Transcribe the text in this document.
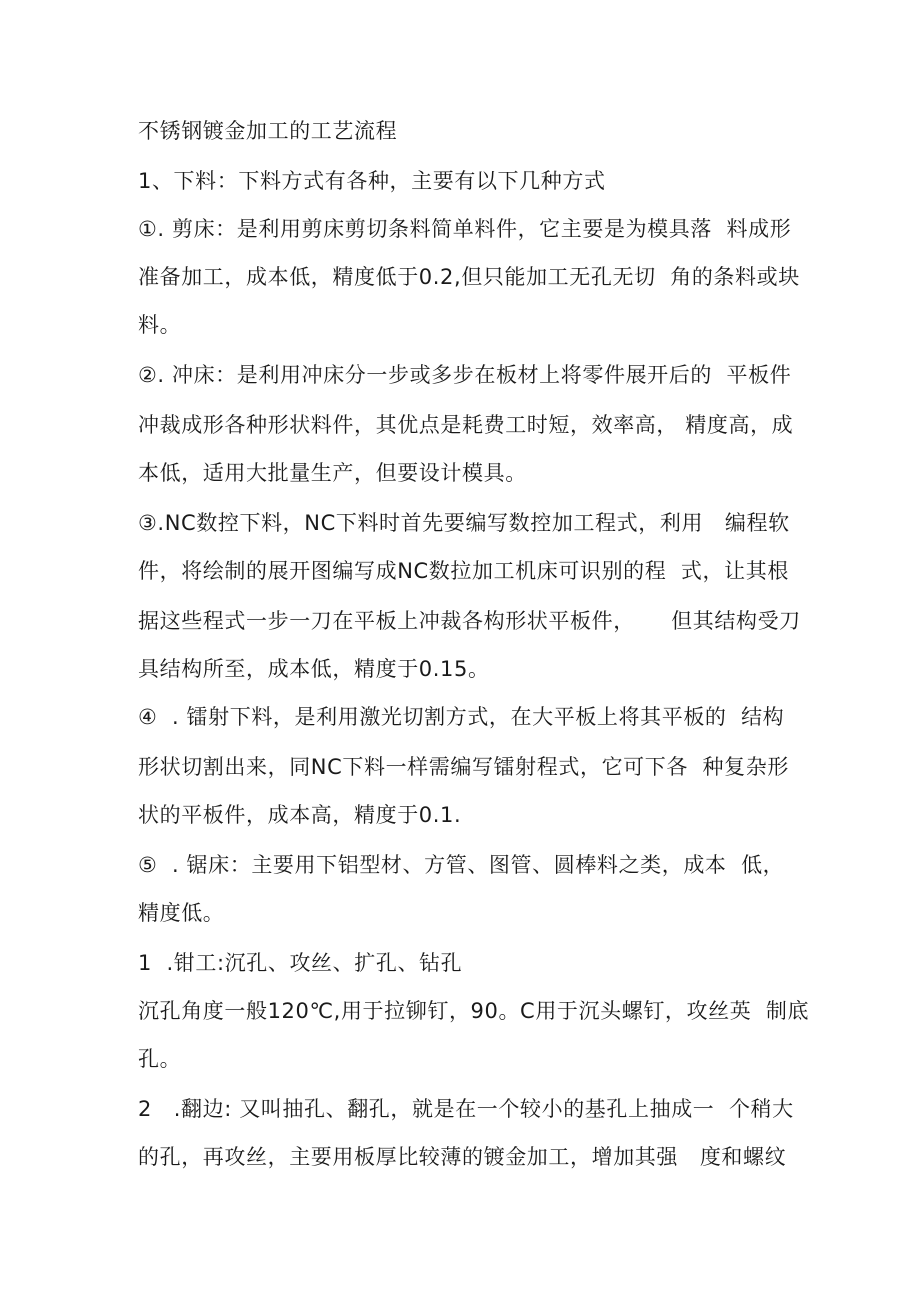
不锈钢镀金加工的工艺流程
1、下料：下料方式有各种，主要有以下几种方式
①. 剪床：是利用剪床剪切条料简单料件，它主要是为模具落  料成形
准备加工，成本低，精度低于0.2,但只能加工无孔无切  角的条料或块
料。
②. 冲床：是利用冲床分一步或多步在板材上将零件展开后的  平板件
冲裁成形各种形状料件，其优点是耗费工时短，效率高， 精度高，成
本低，适用大批量生产，但要设计模具。
③.NC数控下料，NC下料时首先要编写数控加工程式，利用   编程软
件，将绘制的展开图编写成NC数拉加工机床可识别的程  式，让其根
据这些程式一步一刀在平板上冲裁各构形状平板件，     但其结构受刀
具结构所至，成本低，精度于0.15。
④  . 镭射下料，是利用激光切割方式，在大平板上将其平板的  结构
形状切割出来，同NC下料一样需编写镭射程式，它可下各  种复杂形
状的平板件，成本高，精度于0.1.
⑤  . 锯床：主要用下铝型材、方管、图管、圆棒料之类，成本  低，
精度低。
1  .钳工:沉孔、攻丝、扩孔、钻孔
沉孔角度一般120℃,用于拉铆钉，90。C用于沉头螺钉，攻丝英  制底
孔。
2   .翻边: 又叫抽孔、翻孔，就是在一个较小的基孔上抽成一  个稍大
的孔，再攻丝，主要用板厚比较薄的镀金加工，增加其强   度和螺纹
